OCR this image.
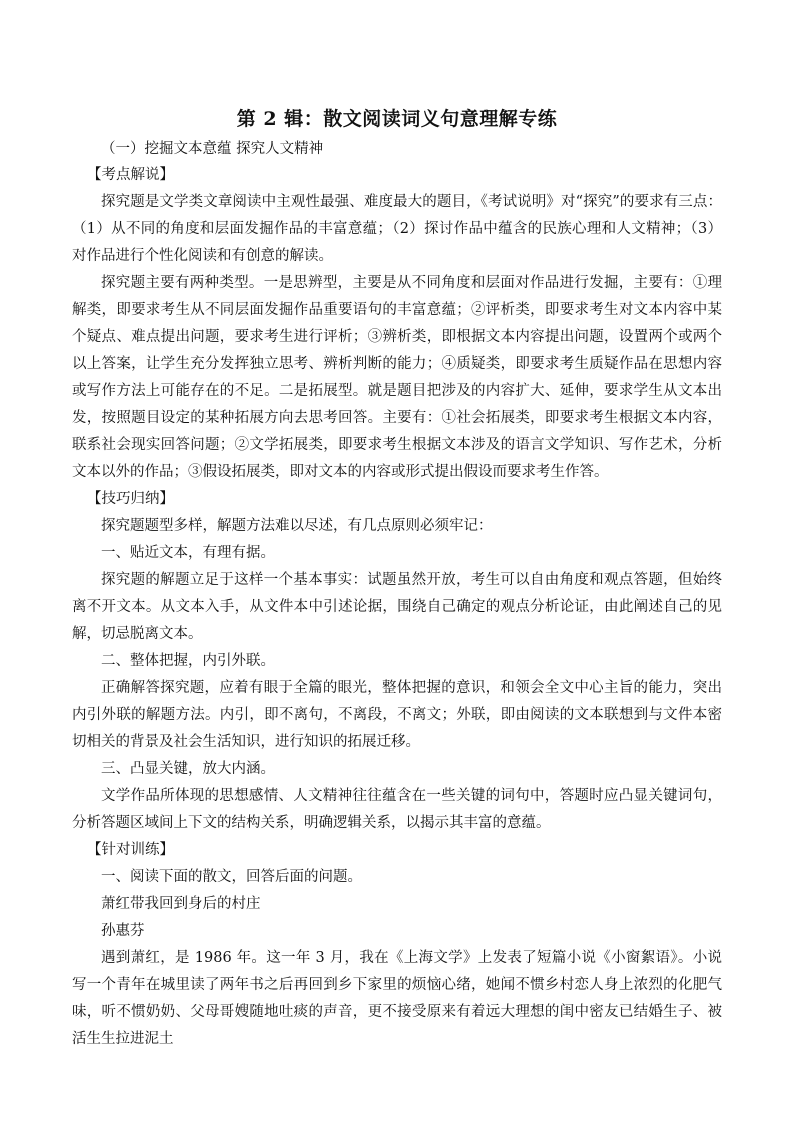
第 2 辑：散文阅读词义句意理解专练

（一）挖掘文本意蕴 探究人文精神

【考点解说】

探究题是文学类文章阅读中主观性最强、难度最大的题目，《考试说明》对“探究”的要求有三点：（1）从不同的角度和层面发掘作品的丰富意蕴；（2）探讨作品中蕴含的民族心理和人文精神；（3）对作品进行个性化阅读和有创意的解读。

探究题主要有两种类型。一是思辨型，主要是从不同角度和层面对作品进行发掘，主要有：①理解类，即要求考生从不同层面发掘作品重要语句的丰富意蕴；②评析类，即要求考生对文本内容中某个疑点、难点提出问题，要求考生进行评析；③辨析类，即根据文本内容提出问题，设置两个或两个以上答案，让学生充分发挥独立思考、辨析判断的能力；④质疑类，即要求考生质疑作品在思想内容或写作方法上可能存在的不足。二是拓展型。就是题目把涉及的内容扩大、延伸，要求学生从文本出发，按照题目设定的某种拓展方向去思考回答。主要有：①社会拓展类，即要求考生根据文本内容，联系社会现实回答问题；②文学拓展类，即要求考生根据文本涉及的语言文学知识、写作艺术，分析文本以外的作品；③假设拓展类，即对文本的内容或形式提出假设而要求考生作答。

【技巧归纳】

探究题题型多样，解题方法难以尽述，有几点原则必须牢记：

一、贴近文本，有理有据。

探究题的解题立足于这样一个基本事实：试题虽然开放，考生可以自由角度和观点答题，但始终离不开文本。从文本入手，从文件本中引述论据，围绕自己确定的观点分析论证，由此阐述自己的见解，切忌脱离文本。

二、整体把握，内引外联。

正确解答探究题，应着有眼于全篇的眼光，整体把握的意识，和领会全文中心主旨的能力，突出内引外联的解题方法。内引，即不离句，不离段，不离文；外联，即由阅读的文本联想到与文件本密切相关的背景及社会生活知识，进行知识的拓展迁移。

三、凸显关键，放大内涵。

文学作品所体现的思想感情、人文精神往往蕴含在一些关键的词句中，答题时应凸显关键词句，分析答题区域间上下文的结构关系，明确逻辑关系，以揭示其丰富的意蕴。

【针对训练】

一、阅读下面的散文，回答后面的问题。

萧红带我回到身后的村庄

孙惠芬

遇到萧红，是 1986 年。这一年 3 月，我在《上海文学》上发表了短篇小说《小窗絮语》。小说写一个青年在城里读了两年书之后再回到乡下家里的烦恼心绪，她闻不惯乡村恋人身上浓烈的化肥气味，听不惯奶奶、父母哥嫂随地吐痰的声音，更不接受原来有着远大理想的闺中密友已结婚生子、被活生生拉进泥土
